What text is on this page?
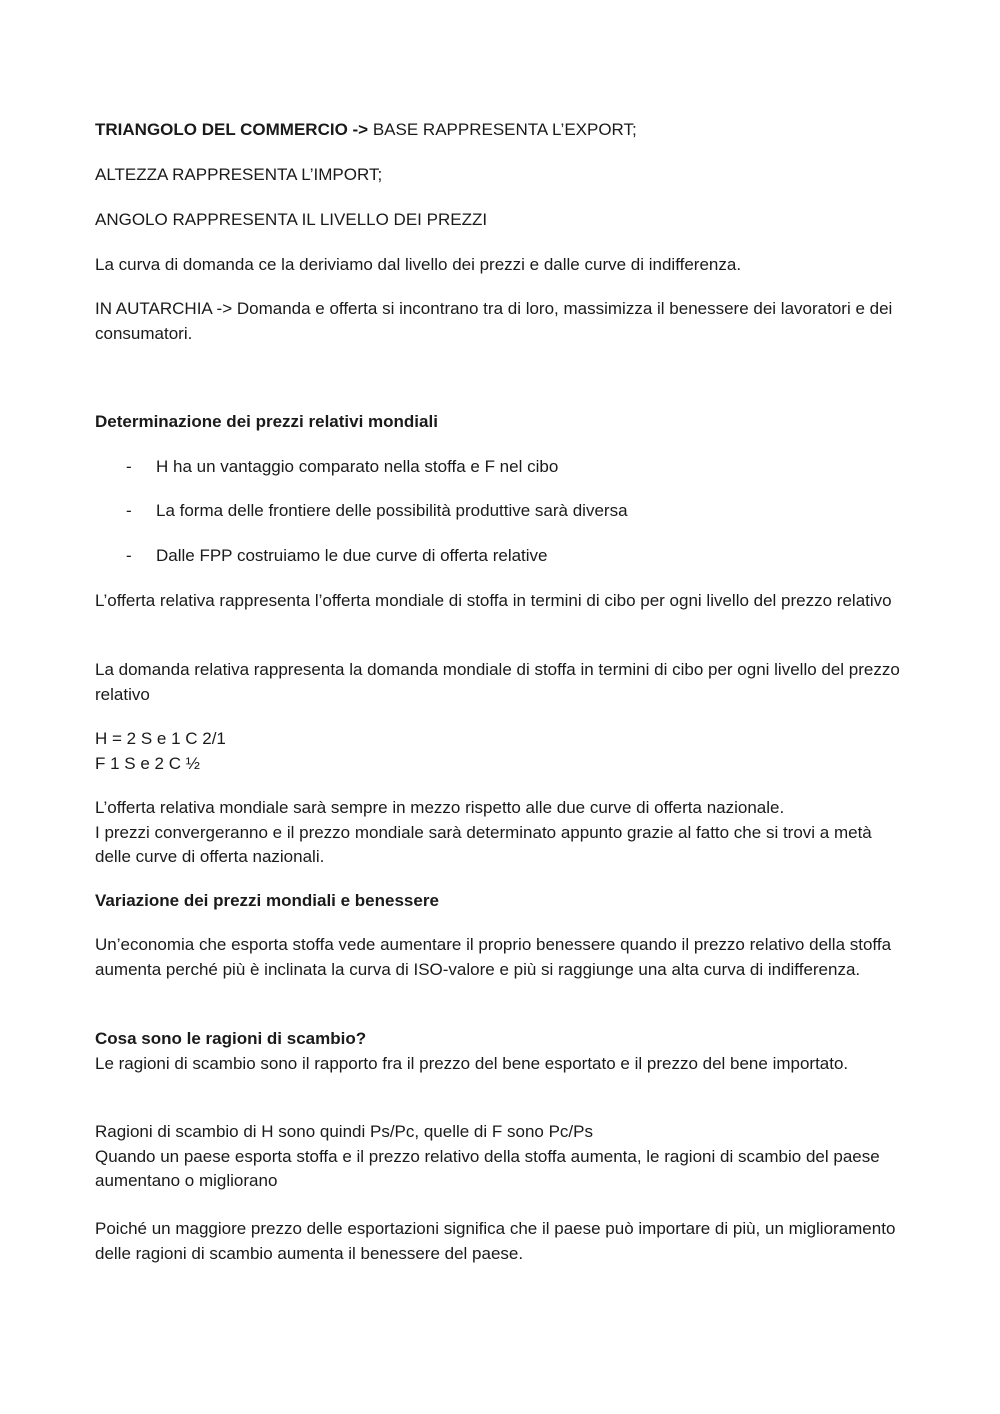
TRIANGOLO DEL COMMERCIO -> BASE RAPPRESENTA L’EXPORT;

ALTEZZA RAPPRESENTA L’IMPORT;

ANGOLO RAPPRESENTA IL LIVELLO DEI PREZZI

La curva di domanda ce la deriviamo dal livello dei prezzi e dalle curve di indifferenza.

IN AUTARCHIA -> Domanda e offerta si incontrano tra di loro, massimizza il benessere dei lavoratori e dei consumatori.

Determinazione dei prezzi relativi mondiali

- H ha un vantaggio comparato nella stoffa e F nel cibo
- La forma delle frontiere delle possibilità produttive sarà diversa
- Dalle FPP costruiamo le due curve di offerta relative

L’offerta relativa rappresenta l’offerta mondiale di stoffa in termini di cibo per ogni livello del prezzo relativo

La domanda relativa rappresenta la domanda mondiale di stoffa in termini di cibo per ogni livello del prezzo relativo

H = 2 S e 1 C 2/1
F 1 S e 2 C ½

L’offerta relativa mondiale sarà sempre in mezzo rispetto alle due curve di offerta nazionale.
I prezzi convergeranno e il prezzo mondiale sarà determinato appunto grazie al fatto che si trovi a metà delle curve di offerta nazionali.

Variazione dei prezzi mondiali e benessere

Un’economia che esporta stoffa vede aumentare il proprio benessere quando il prezzo relativo della stoffa aumenta perché più è inclinata la curva di ISO-valore e più si raggiunge una alta curva di indifferenza.

Cosa sono le ragioni di scambio?
Le ragioni di scambio sono il rapporto fra il prezzo del bene esportato e il prezzo del bene importato.

Ragioni di scambio di H sono quindi Ps/Pc, quelle di F sono Pc/Ps
Quando un paese esporta stoffa e il prezzo relativo della stoffa aumenta, le ragioni di scambio del paese aumentano o migliorano

Poiché un maggiore prezzo delle esportazioni significa che il paese può importare di più, un miglioramento delle ragioni di scambio aumenta il benessere del paese.
